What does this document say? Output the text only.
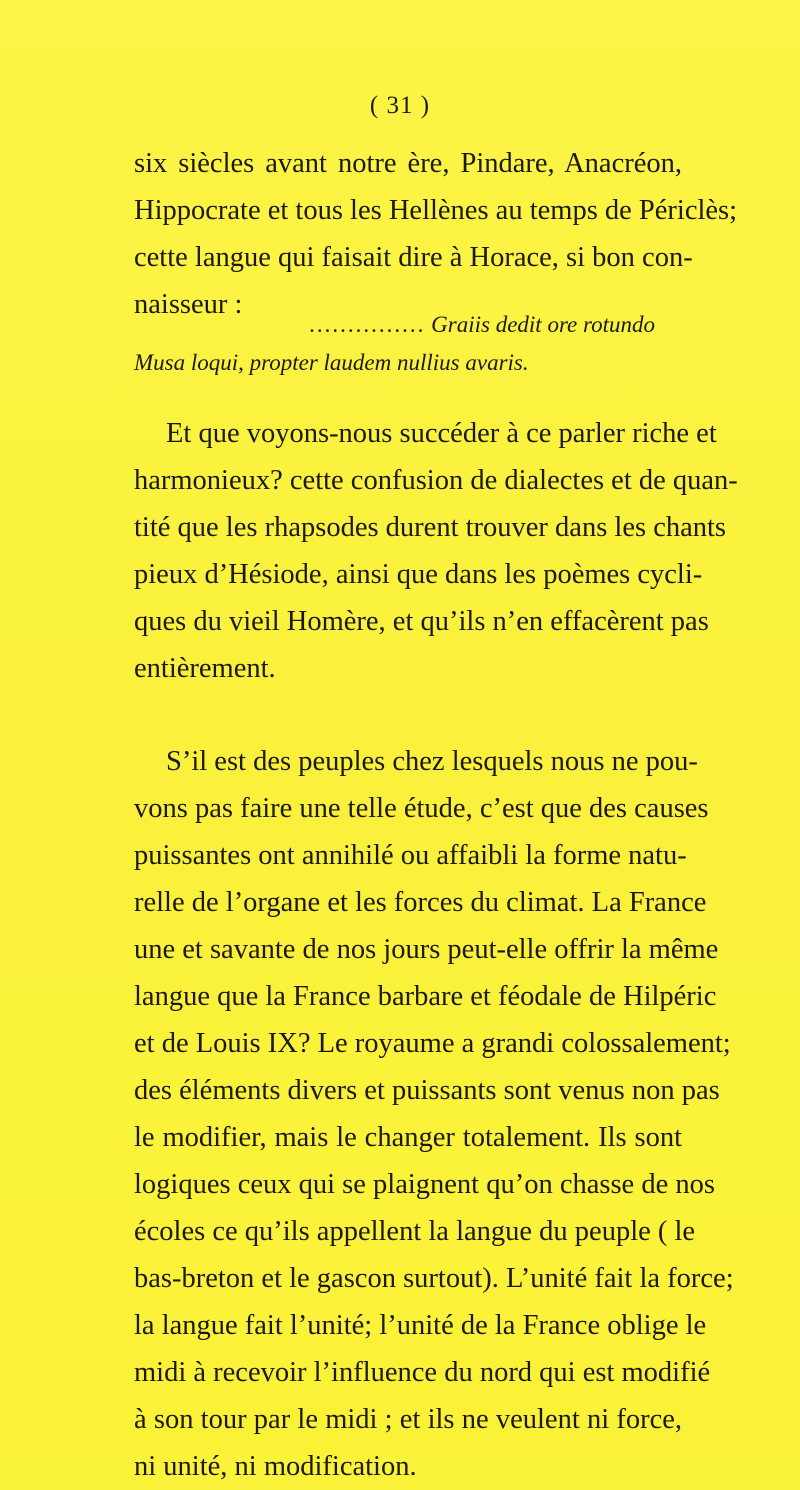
( 31 )
six siècles avant notre ère, Pindare, Anacréon,
Hippocrate et tous les Hellènes au temps de Périclès;
cette langue qui faisait dire à Horace, si bon con-
naisseur :
............... Graiis dedit ore rotundo
Musa loqui, propter laudem nullius avaris.
Et que voyons-nous succéder à ce parler riche et
harmonieux? cette confusion de dialectes et de quan-
tité que les rhapsodes durent trouver dans les chants
pieux d’Hésiode, ainsi que dans les poèmes cycli-
ques du vieil Homère, et qu’ils n’en effacèrent pas
entièrement.
S’il est des peuples chez lesquels nous ne pou-
vons pas faire une telle étude, c’est que des causes
puissantes ont annihilé ou affaibli la forme natu-
relle de l’organe et les forces du climat. La France
une et savante de nos jours peut-elle offrir la même
langue que la France barbare et féodale de Hilpéric
et de Louis IX? Le royaume a grandi colossalement;
des éléments divers et puissants sont venus non pas
le modifier, mais le changer totalement. Ils sont
logiques ceux qui se plaignent qu’on chasse de nos
écoles ce qu’ils appellent la langue du peuple ( le
bas-breton et le gascon surtout). L’unité fait la force;
la langue fait l’unité; l’unité de la France oblige le
midi à recevoir l’influence du nord qui est modifié
à son tour par le midi ; et ils ne veulent ni force,
ni unité, ni modification.
